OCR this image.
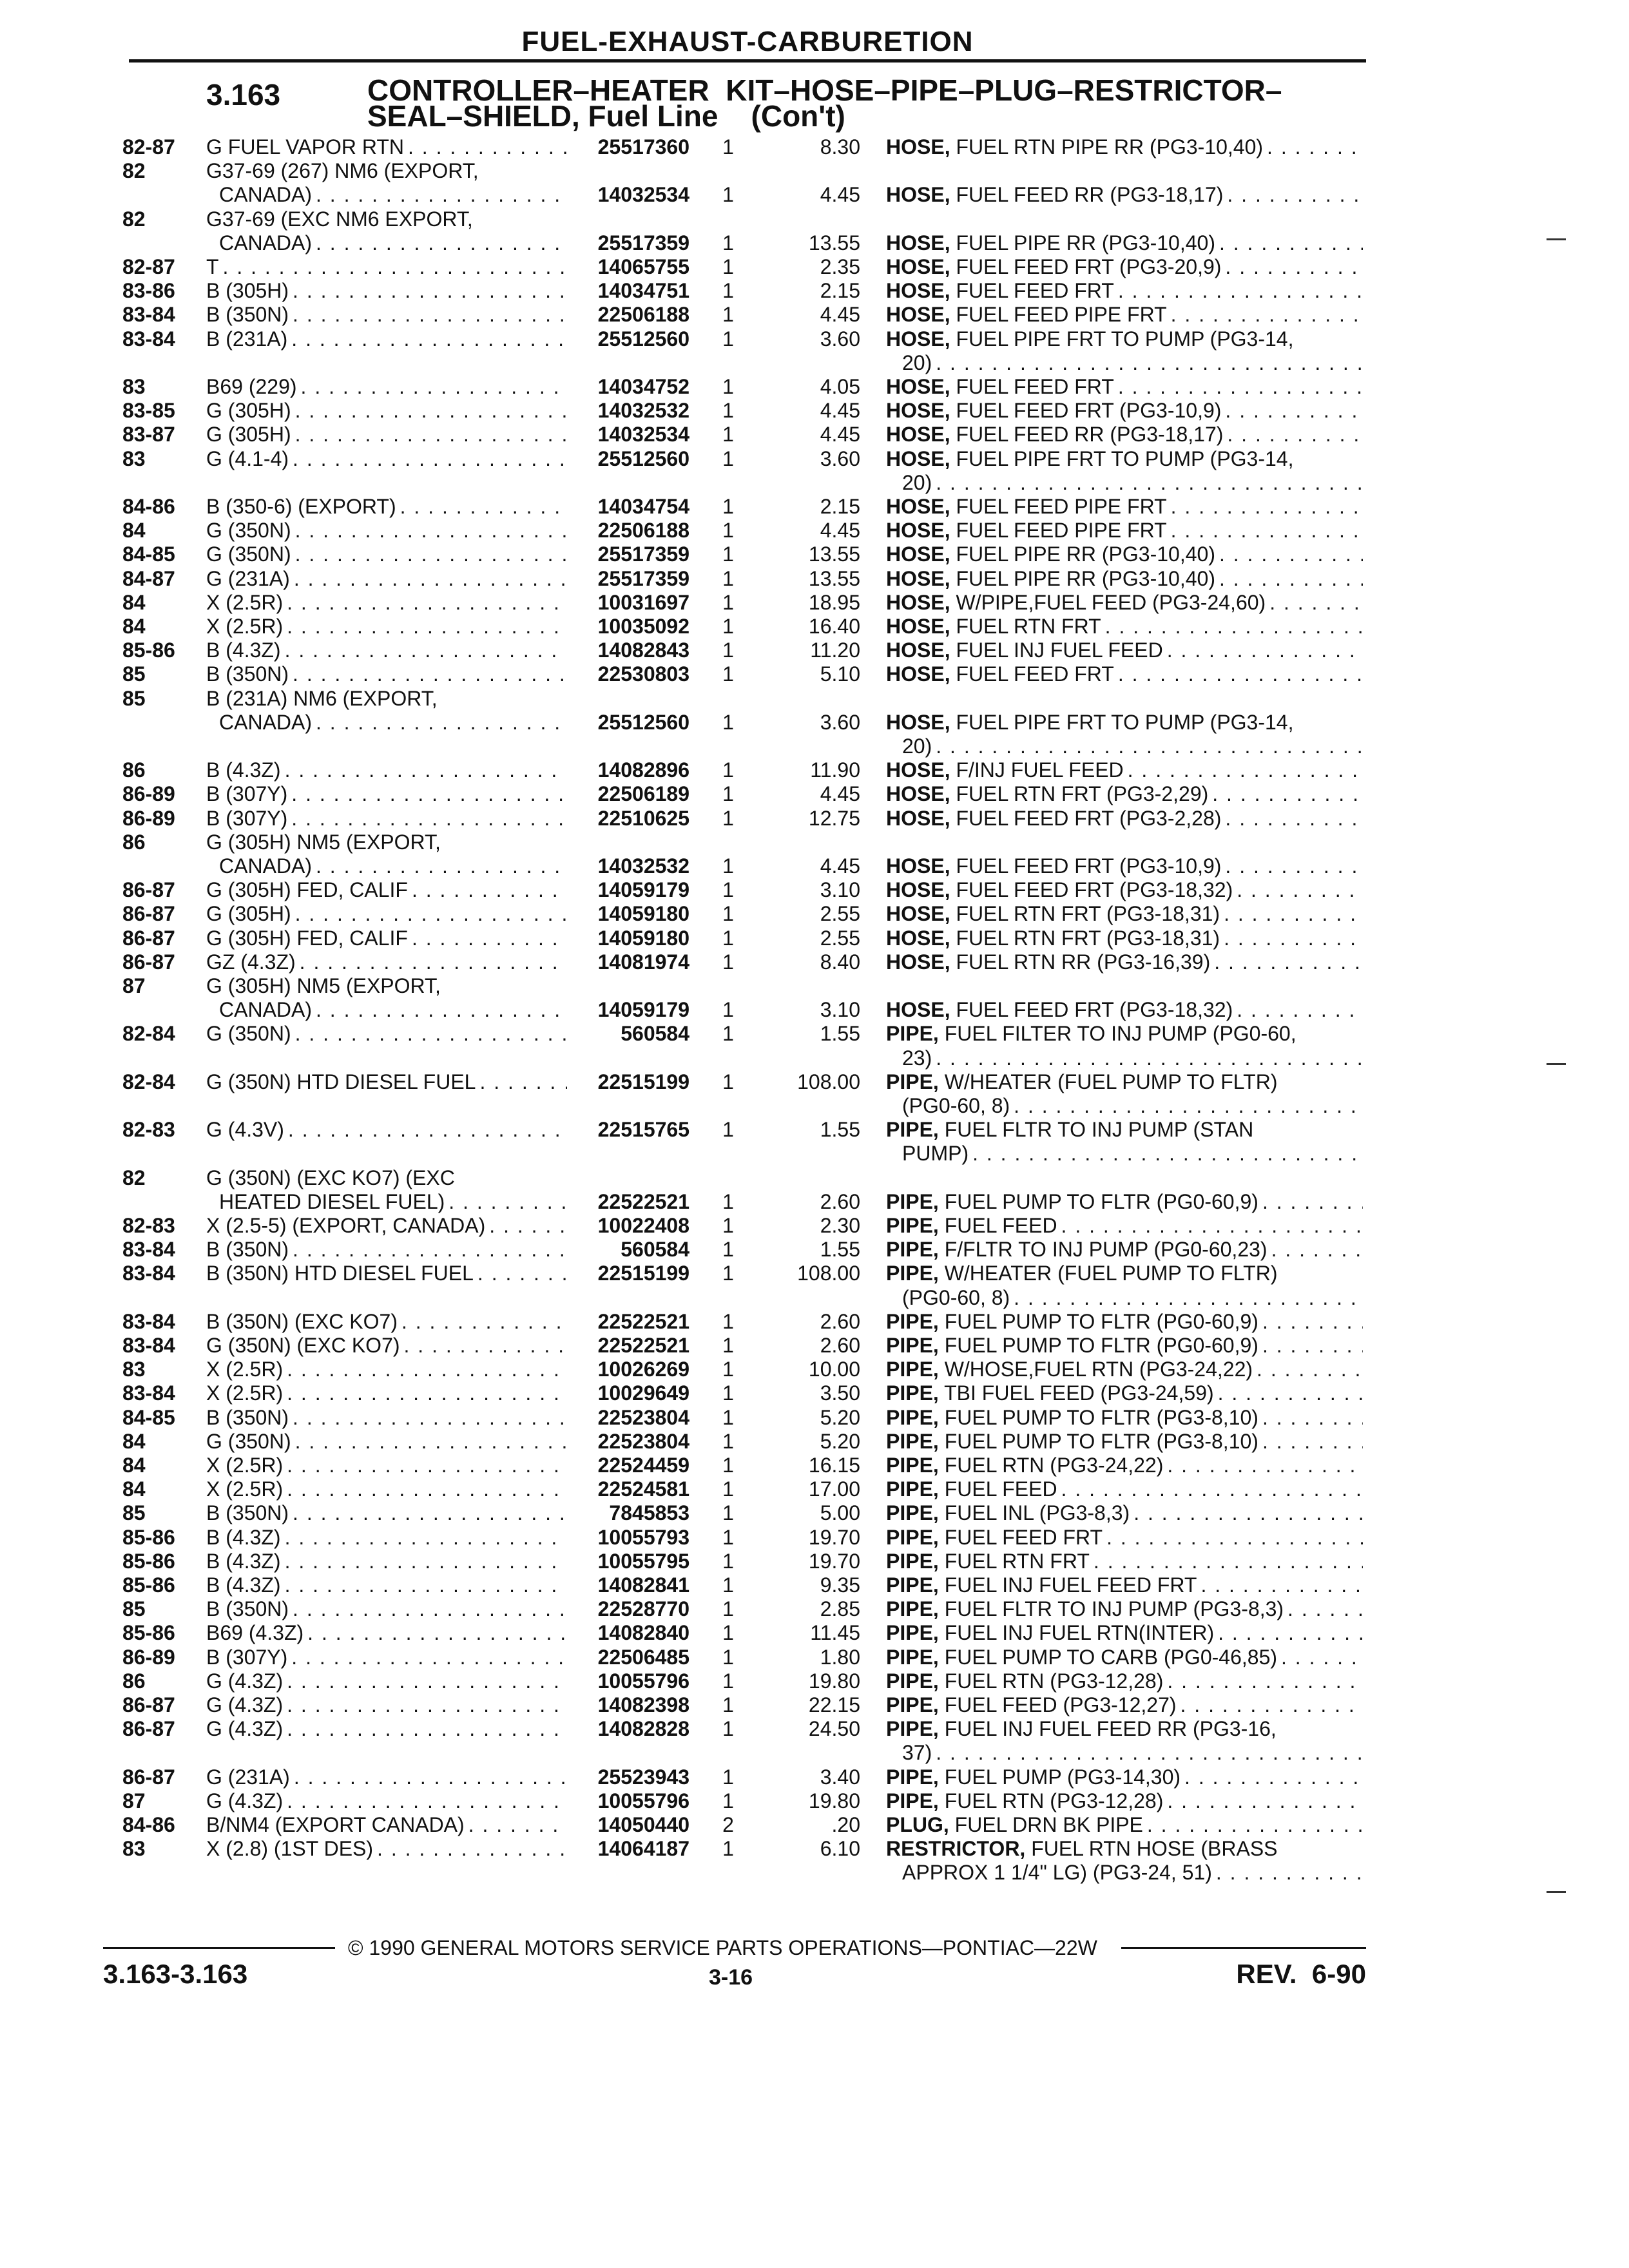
FUEL-EXHAUST-CARBURETION
3.163	CONTROLLER–HEATER  KIT–HOSE–PIPE–PLUG–RESTRICTOR–
SEAL–SHIELD, Fuel Line    (Con't)
82-87	G FUEL VAPOR RTN . . .	25517360	1	8.30 HOSE, FUEL RTN PIPE RR (PG3-10,40)
. . .
82	G37-69 (267) NM6 (EXPORT,
CANADA) . . .	14032534	1	4.45 HOSE, FUEL FEED RR (PG3-18,17)
. . .
82	G37-69 (EXC NM6 EXPORT,
CANADA) . . .	25517359	1	13.55 HOSE, FUEL PIPE RR (PG3-10,40)
. . .
82-87	T . . .	14065755	1	2.35 HOSE, FUEL FEED FRT (PG3-20,9)
. . .
83-86	B (305H) . . .	14034751	1	2.15 HOSE, FUEL FEED FRT
. . .
83-84	B (350N) . . .	22506188	1	4.45 HOSE, FUEL FEED PIPE FRT
. . .
83-84	B (231A) . . .	25512560	1	3.60 HOSE, FUEL PIPE FRT TO PUMP (PG3-14,
20)
. . .
83	B69 (229) . . .	14034752	1	4.05 HOSE, FUEL FEED FRT
. . .
83-85	G (305H) . . .	14032532	1	4.45 HOSE, FUEL FEED FRT (PG3-10,9)
. . .
83-87	G (305H) . . .	14032534	1	4.45 HOSE, FUEL FEED RR (PG3-18,17)
. . .
83	G (4.1-4) . . .	25512560	1	3.60 HOSE, FUEL PIPE FRT TO PUMP (PG3-14,
20)
. . .
84-86	B (350-6) (EXPORT) . . .	14034754	1	2.15 HOSE, FUEL FEED PIPE FRT
. . .
84	G (350N) . . .	22506188	1	4.45 HOSE, FUEL FEED PIPE FRT
. . .
84-85	G (350N) . . .	25517359	1	13.55 HOSE, FUEL PIPE RR (PG3-10,40)
. . .
84-87	G (231A) . . .	25517359	1	13.55 HOSE, FUEL PIPE RR (PG3-10,40)
. . .
84	X (2.5R) . . .	10031697	1	18.95 HOSE, W/PIPE,FUEL FEED (PG3-24,60)
. . .
84	X (2.5R) . . .	10035092	1	16.40 HOSE, FUEL RTN FRT
. . .
85-86	B (4.3Z) . . .	14082843	1	11.20 HOSE, FUEL INJ FUEL FEED
. . .
85	B (350N) . . .	22530803	1	5.10 HOSE, FUEL FEED FRT
. . .
85	B (231A) NM6 (EXPORT,
CANADA) . . .	25512560	1	3.60 HOSE, FUEL PIPE FRT TO PUMP (PG3-14,
20)
. . .
86	B (4.3Z) . . .	14082896	1	11.90 HOSE, F/INJ FUEL FEED
. . .
86-89	B (307Y) . . .	22506189	1	4.45 HOSE, FUEL RTN FRT (PG3-2,29)
. . .
86-89	B (307Y) . . .	22510625	1	12.75 HOSE, FUEL FEED FRT (PG3-2,28)
. . .
86	G (305H) NM5 (EXPORT,
CANADA) . . .	14032532	1	4.45 HOSE, FUEL FEED FRT (PG3-10,9)
. . .
86-87	G (305H) FED, CALIF . . .	14059179	1	3.10 HOSE, FUEL FEED FRT (PG3-18,32)
. . .
86-87	G (305H) . . .	14059180	1	2.55 HOSE, FUEL RTN FRT (PG3-18,31)
. . .
86-87	G (305H) FED, CALIF . . .	14059180	1	2.55 HOSE, FUEL RTN FRT (PG3-18,31)
. . .
86-87	GZ (4.3Z) . . .	14081974	1	8.40 HOSE, FUEL RTN RR (PG3-16,39)
. . .
87	G (305H) NM5 (EXPORT,
CANADA) . . .	14059179	1	3.10 HOSE, FUEL FEED FRT (PG3-18,32)
. . .
82-84	G (350N) . . .	560584	1	1.55 PIPE, FUEL FILTER TO INJ PUMP (PG0-60,
23)
. . .
82-84	G (350N) HTD DIESEL FUEL . . .	22515199	1	108.00 PIPE, W/HEATER (FUEL PUMP TO FLTR)
(PG0-60, 8)
. . .
82-83	G (4.3V) . . .	22515765	1	1.55 PIPE, FUEL FLTR TO INJ PUMP (STAN
PUMP)
. . .
82	G (350N) (EXC KO7) (EXC
HEATED DIESEL FUEL) . . .	22522521	1	2.60 PIPE, FUEL PUMP TO FLTR (PG0-60,9)
. . .
82-83	X (2.5-5) (EXPORT, CANADA) . . .	10022408	1	2.30 PIPE, FUEL FEED
. . .
83-84	B (350N) . . .	560584	1	1.55 PIPE, F/FLTR TO INJ PUMP (PG0-60,23)
. . .
83-84	B (350N) HTD DIESEL FUEL . . .	22515199	1	108.00 PIPE, W/HEATER (FUEL PUMP TO FLTR)
(PG0-60, 8)
. . .
83-84	B (350N) (EXC KO7) . . .	22522521	1	2.60 PIPE, FUEL PUMP TO FLTR (PG0-60,9)
. . .
83-84	G (350N) (EXC KO7) . . .	22522521	1	2.60 PIPE, FUEL PUMP TO FLTR (PG0-60,9)
. . .
83	X (2.5R) . . .	10026269	1	10.00 PIPE, W/HOSE,FUEL RTN (PG3-24,22)
. . .
83-84	X (2.5R) . . .	10029649	1	3.50 PIPE, TBI FUEL FEED (PG3-24,59)
. . .
84-85	B (350N) . . .	22523804	1	5.20 PIPE, FUEL PUMP TO FLTR (PG3-8,10)
. . .
84	G (350N) . . .	22523804	1	5.20 PIPE, FUEL PUMP TO FLTR (PG3-8,10)
. . .
84	X (2.5R) . . .	22524459	1	16.15 PIPE, FUEL RTN (PG3-24,22)
. . .
84	X (2.5R) . . .	22524581	1	17.00 PIPE, FUEL FEED
. . .
85	B (350N) . . .	7845853	1	5.00 PIPE, FUEL INL (PG3-8,3)
. . .
85-86	B (4.3Z) . . .	10055793	1	19.70 PIPE, FUEL FEED FRT
. . .
85-86	B (4.3Z) . . .	10055795	1	19.70 PIPE, FUEL RTN FRT
. . .
85-86	B (4.3Z) . . .	14082841	1	9.35 PIPE, FUEL INJ FUEL FEED FRT
. . .
85	B (350N) . . .	22528770	1	2.85 PIPE, FUEL FLTR TO INJ PUMP (PG3-8,3)
. . .
85-86	B69 (4.3Z) . . .	14082840	1	11.45 PIPE, FUEL INJ FUEL RTN(INTER)
. . .
86-89	B (307Y) . . .	22506485	1	1.80 PIPE, FUEL PUMP TO CARB (PG0-46,85)
. . .
86	G (4.3Z) . . .	10055796	1	19.80 PIPE, FUEL RTN (PG3-12,28)
. . .
86-87	G (4.3Z) . . .	14082398	1	22.15 PIPE, FUEL FEED (PG3-12,27)
. . .
86-87	G (4.3Z) . . .	14082828	1	24.50 PIPE, FUEL INJ FUEL FEED RR (PG3-16,
37)
. . .
86-87	G (231A) . . .	25523943	1	3.40 PIPE, FUEL PUMP (PG3-14,30)
. . .
87	G (4.3Z) . . .	10055796	1	19.80 PIPE, FUEL RTN (PG3-12,28)
. . .
84-86	B/NM4 (EXPORT CANADA) . . .	14050440	2	.20 PLUG, FUEL DRN BK PIPE
. . .
83	X (2.8) (1ST DES) . . .	14064187	1	6.10 RESTRICTOR, FUEL RTN HOSE (BRASS
APPROX 1 1/4" LG) (PG3-24, 51)
. . .
© 1990 GENERAL MOTORS SERVICE PARTS OPERATIONS—PONTIAC—22W
3.163-3.163	3-16	REV.  6-90
